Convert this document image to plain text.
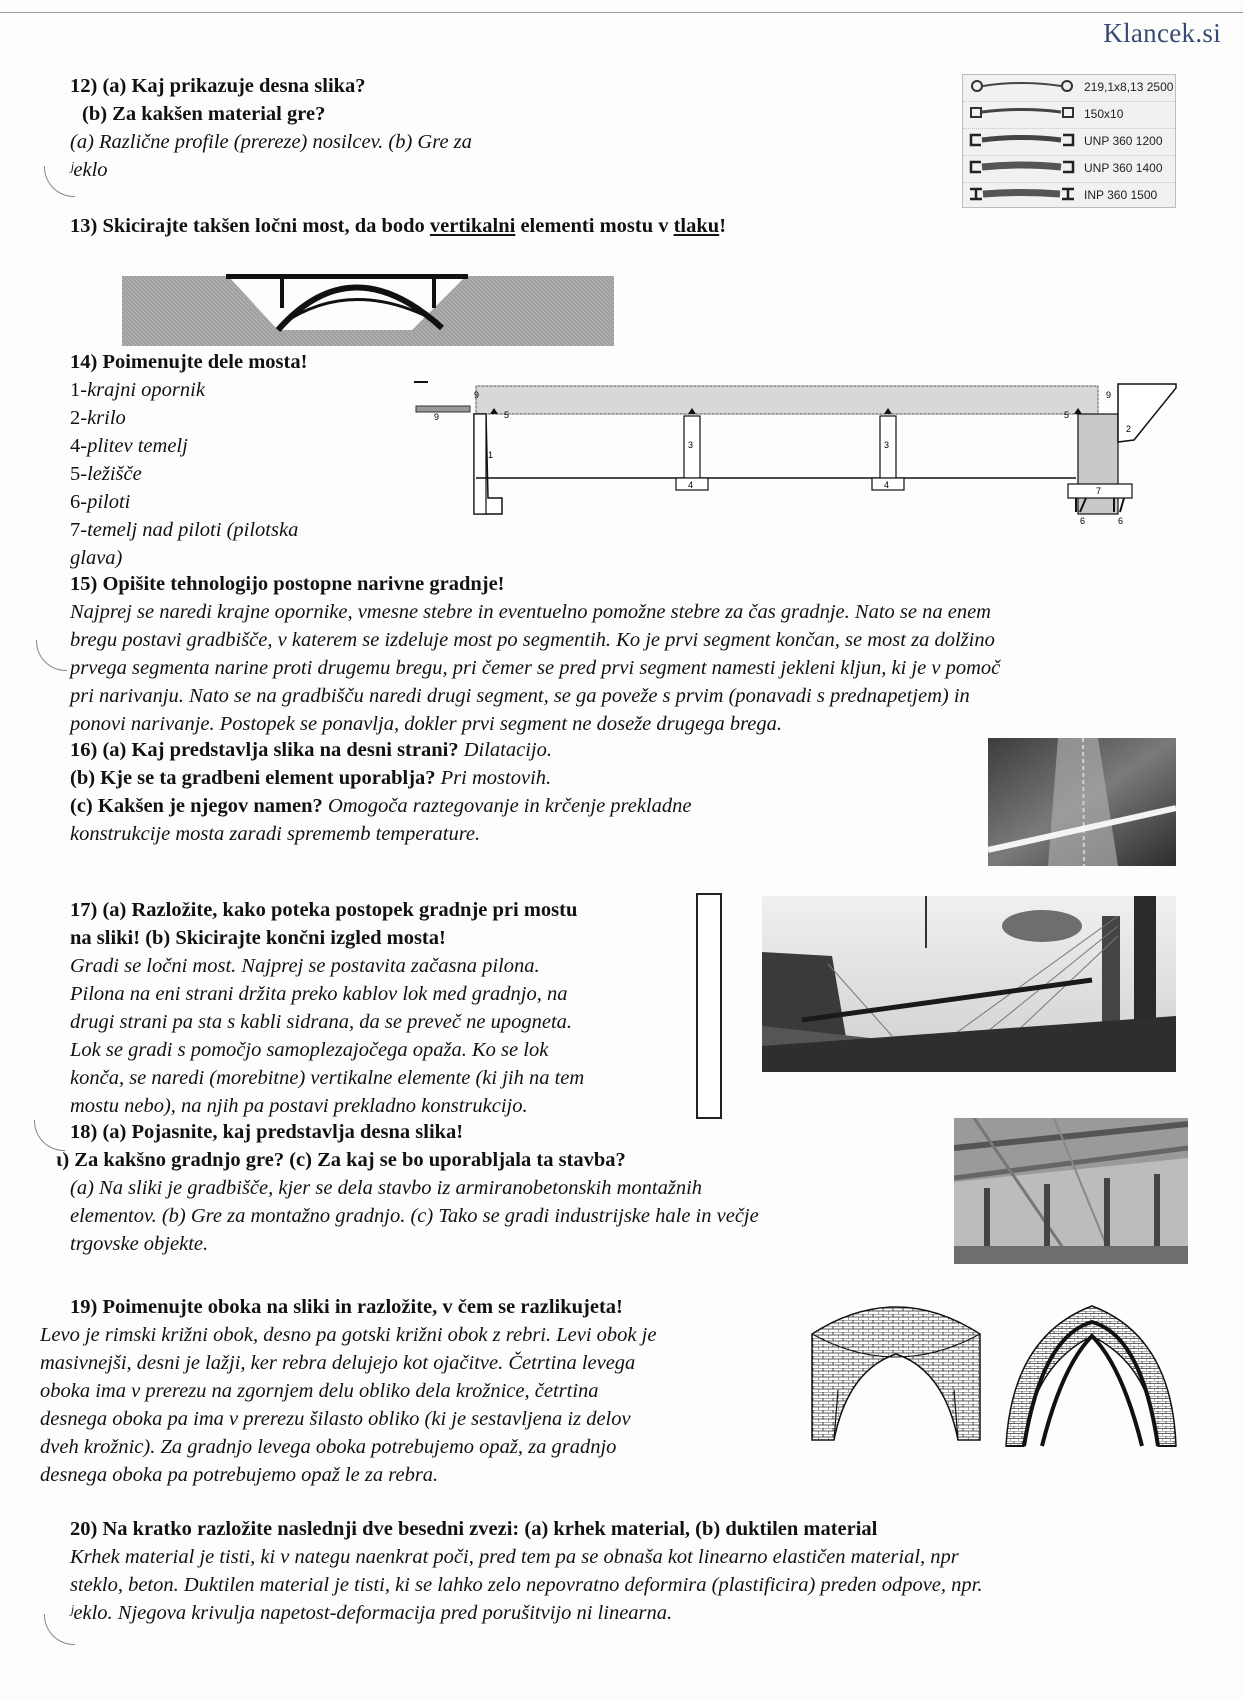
Klancek.si
12) (a) Kaj prikazuje desna slika?
(b) Za kakšen material gre?
(a) Različne profile (prereze) nosilcev. (b) Gre za
ʲeklo
219,1x8,13 2500
150x10
UNP 360 1200
UNP 360 1400
INP 360 1500
13) Skicirajte takšen ločni most, da bodo vertikalni elementi mostu v tlaku!
14) Poimenujte dele mosta!
1-krajni opornik
2-krilo
4-plitev temelj
5-ležišče
6-piloti
7-temelj nad piloti (pilotska
glava)
1
2
3	3
4	4
5	5
6	6
7
9
9
9
15) Opišite tehnologijo postopne narivne gradnje!
Najprej se naredi krajne opornike, vmesne stebre in eventuelno pomožne stebre za čas gradnje. Nato se na enem
bregu postavi gradbišče, v katerem se izdeluje most po segmentih. Ko je prvi segment končan, se most za dolžino
prvega segmenta narine proti drugemu bregu, pri čemer se pred prvi segment namesti jekleni kljun, ki je v pomoč
pri narivanju. Nato se na gradbišču naredi drugi segment, se ga poveže s prvim (ponavadi s prednapetjem) in
ponovi narivanje. Postopek se ponavlja, dokler prvi segment ne doseže drugega brega.
16) (a) Kaj predstavlja slika na desni strani? Dilatacijo.
(b) Kje se ta gradbeni element uporablja? Pri mostovih.
(c) Kakšen je njegov namen? Omogoča raztegovanje in krčenje prekladne
konstrukcije mosta zaradi sprememb temperature.
17) (a) Razložite, kako poteka postopek gradnje pri mostu
na sliki! (b) Skicirajte končni izgled mosta!
Gradi se ločni most. Najprej se postavita začasna pilona.
Pilona na eni strani držita preko kablov lok med gradnjo, na
drugi strani pa sta s kabli sidrana, da se preveč ne upogneta.
Lok se gradi s pomočjo samoplezajočega opaža. Ko se lok
konča, se naredi (morebitne) vertikalne elemente (ki jih na tem
mostu nebo), na njih pa postavi prekladno konstrukcijo.
18) (a) Pojasnite, kaj predstavlja desna slika!
ɩ) Za kakšno gradnjo gre? (c) Za kaj se bo uporabljala ta stavba?
(a) Na sliki je gradbišče, kjer se dela stavbo iz armiranobetonskih montažnih
elementov. (b) Gre za montažno gradnjo. (c) Tako se gradi industrijske hale in večje
trgovske objekte.
19) Poimenujte oboka na sliki in razložite, v čem se razlikujeta!
Levo je rimski križni obok, desno pa gotski križni obok z rebri. Levi obok je
masivnejši, desni je lažji, ker rebra delujejo kot ojačitve. Četrtina levega
oboka ima v prerezu na zgornjem delu obliko dela krožnice, četrtina
desnega oboka pa ima v prerezu šilasto obliko (ki je sestavljena iz delov
dveh krožnic). Za gradnjo levega oboka potrebujemo opaž, za gradnjo
desnega oboka pa potrebujemo opaž le za rebra.
20) Na kratko razložite naslednji dve besedni zvezi: (a) krhek material, (b) duktilen material
Krhek material je tisti, ki v nategu naenkrat poči, pred tem pa se obnaša kot linearno elastičen material, npr
steklo, beton. Duktilen material je tisti, ki se lahko zelo nepovratno deformira (plastificira) preden odpove, npr.
ʲeklo. Njegova krivulja napetost-deformacija pred porušitvijo ni linearna.
